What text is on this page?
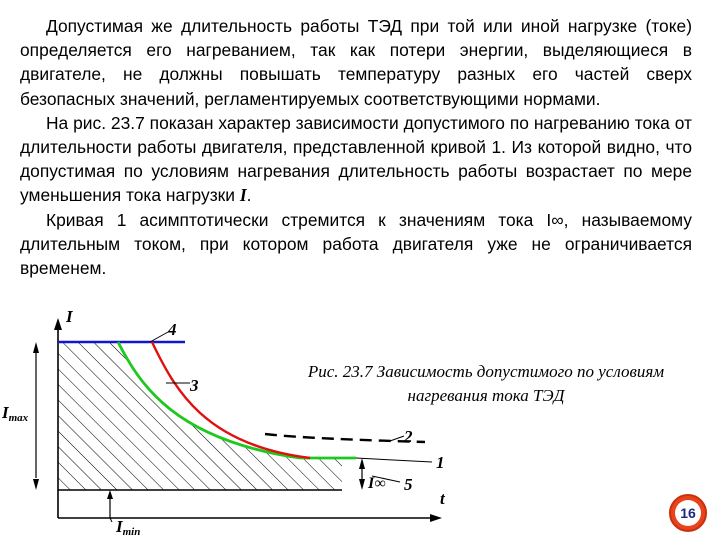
Допустимая же длительность работы ТЭД при той или иной нагрузке (токе) определяется его нагреванием, так как потери энергии, выделяющиеся в двигателе, не должны повышать температуру разных его частей сверх безопасных значений, регламентируемых соответствующими нормами.

На рис. 23.7 показан характер зависимости допустимого по нагреванию тока от длительности работы двигателя, представленной кривой 1. Из которой видно, что допустимая по условиям нагревания длительность работы возрастает по мере уменьшения тока нагрузки I.

Кривая 1 асимптотически стремится к значениям тока I∞, называемому длительным током, при котором работа двигателя уже не ограничивается временем.

I
t
4
3
2
1
5
I∞
Imax
Imin
Рис. 23.7 Зависимость допустимого по условиям нагревания тока ТЭД
16
